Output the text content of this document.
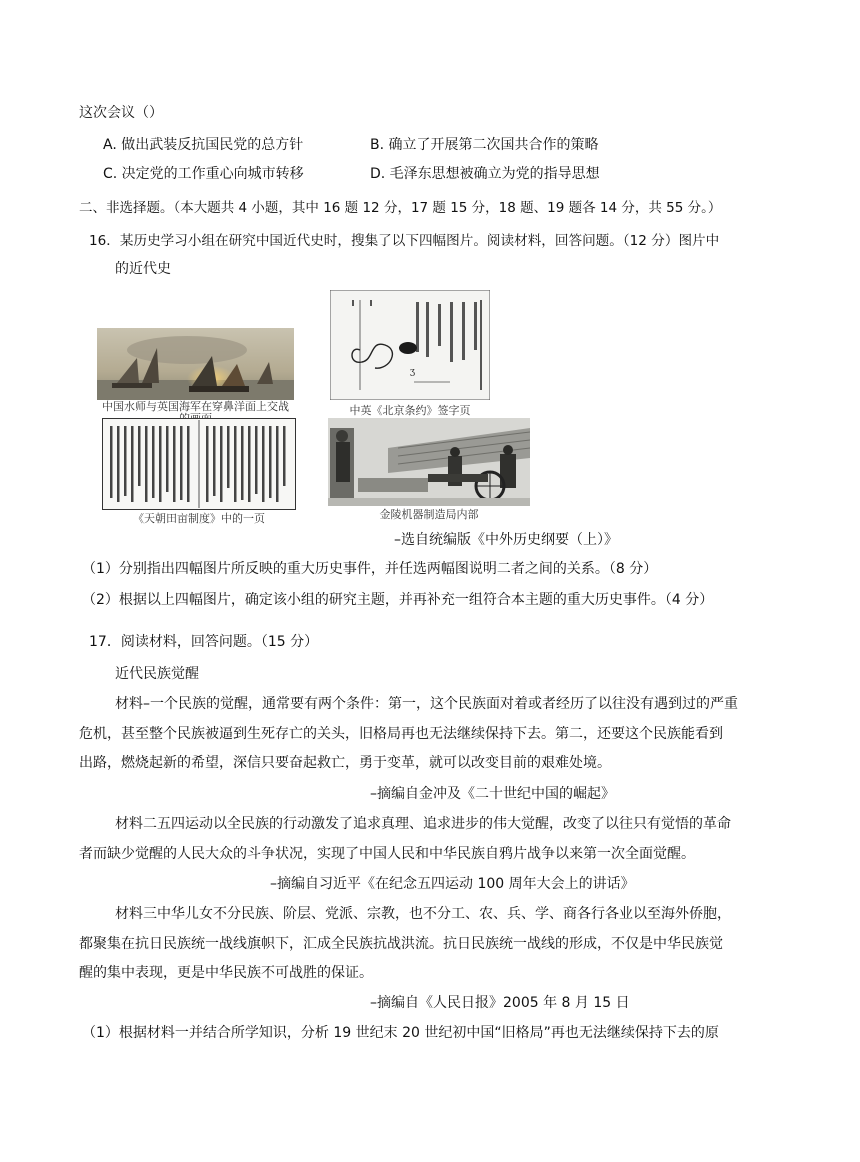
这次会议（）
A. 做出武装反抗国民党的总方针	B. 确立了开展第二次国共合作的策略
C. 决定党的工作重心向城市转移	D. 毛泽东思想被确立为党的指导思想
二、非选择题。（本大题共 4 小题，其中 16 题 12 分，17 题 15 分，18 题、19 题各 14 分，共 55 分。）
16．某历史学习小组在研究中国近代史时，搜集了以下四幅图片。阅读材料，回答问题。（12 分）图片中
的近代史
中国水师与英国海军在穿鼻洋面上交战
ʒ
中英《北京条约》签字页
《天朝田亩制度》中的一页	金陵机器制造局内部
–选自统编版《中外历史纲要（上）》
（1）分别指出四幅图片所反映的重大历史事件，并任选两幅图说明二者之间的关系。（8 分）
（2）根据以上四幅图片，确定该小组的研究主题，并再补充一组符合本主题的重大历史事件。（4 分）
17．阅读材料，回答问题。（15 分）
近代民族觉醒
材料–一个民族的觉醒，通常要有两个条件：第一，这个民族面对着或者经历了以往没有遇到过的严重
危机，甚至整个民族被逼到生死存亡的关头，旧格局再也无法继续保持下去。第二，还要这个民族能看到
出路，燃烧起新的希望，深信只要奋起救亡，勇于变革，就可以改变目前的艰难处境。
–摘编自金冲及《二十世纪中国的崛起》
材料二五四运动以全民族的行动激发了追求真理、追求进步的伟大觉醒，改变了以往只有觉悟的革命
者而缺少觉醒的人民大众的斗争状况，实现了中国人民和中华民族自鸦片战争以来第一次全面觉醒。
–摘编自习近平《在纪念五四运动 100 周年大会上的讲话》
材料三中华儿女不分民族、阶层、党派、宗教，也不分工、农、兵、学、商各行各业以至海外侨胞，
都聚集在抗日民族统一战线旗帜下，汇成全民族抗战洪流。抗日民族统一战线的形成，不仅是中华民族觉
醒的集中表现，更是中华民族不可战胜的保证。
–摘编自《人民日报》2005 年 8 月 15 日
（1）根据材料一并结合所学知识，分析 19 世纪末 20 世纪初中国“旧格局”再也无法继续保持下去的原
